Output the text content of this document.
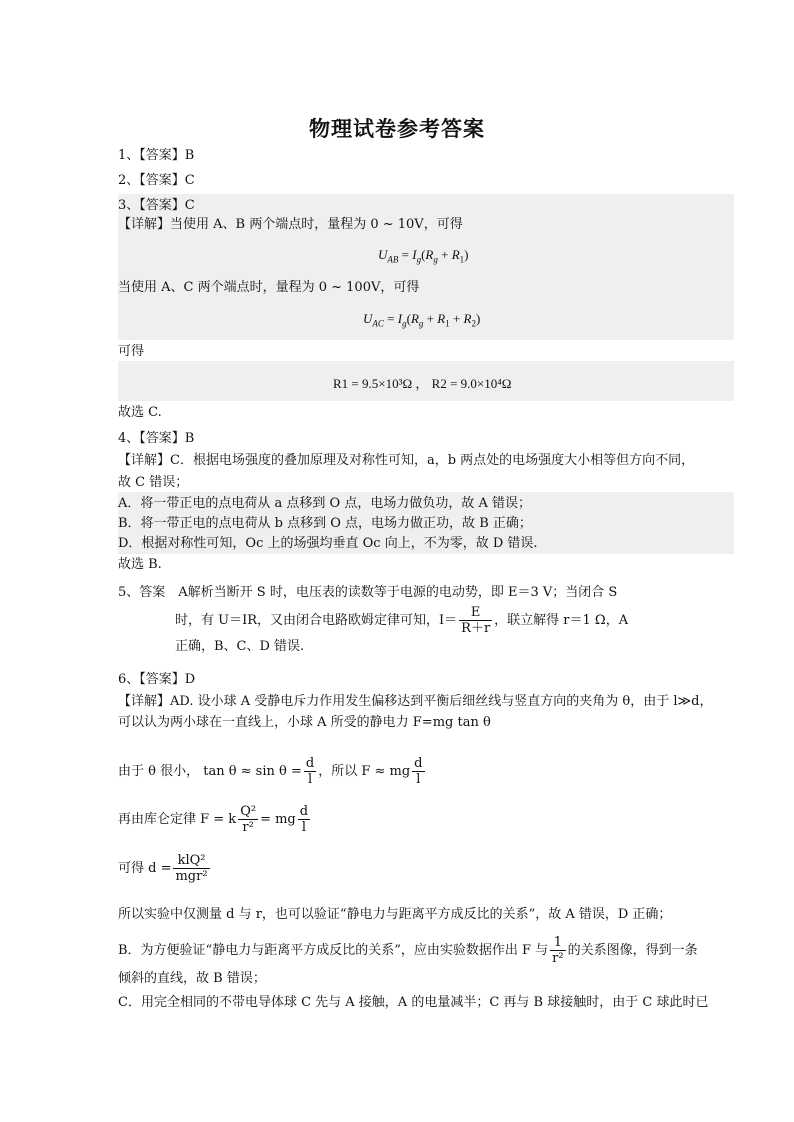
物理试卷参考答案
1、【答案】B
2、【答案】C
3、【答案】C
【详解】当使用 A、B 两个端点时，量程为 0 ~ 10V，可得
$U_{AB} = I_g(R_g + R_1)$
当使用 A、C 两个端点时，量程为 0 ~ 100V，可得
$U_{AC} = I_g(R_g + R_1 + R_2)$
可得
R1 = 9.5×10³Ω ， R2 = 9.0×10⁴Ω
故选 C.
4、【答案】B
【详解】C．根据电场强度的叠加原理及对称性可知，a，b 两点处的电场强度大小相等但方向不同，
故 C 错误；
A．将一带正电的点电荷从 a 点移到 O 点，电场力做负功，故 A 错误；
B．将一带正电的点电荷从 b 点移到 O 点，电场力做正功，故 B 正确；
D．根据对称性可知，Oc 上的场强均垂直 Oc 向上，不为零，故 D 错误.
故选 B.
5、答案　A解析当断开 S 时，电压表的读数等于电源的电动势，即 E＝3 V；当闭合 S
时，有 U＝IR，又由闭合电路欧姆定律可知，$I= \frac{E}{R+r}$ ，联立解得 r＝1 Ω，A
正确，B、C、D 错误.
6、【答案】D
【详解】AD. 设小球 A 受静电斥力作用发生偏移达到平衡后细丝线与竖直方向的夹角为 θ，由于 l≫d，
可以认为两小球在一直线上，小球 A 所受的静电力 F=mg tan θ
由于 θ 很小， $\tan \theta \approx \sin \theta = \frac{d}{l}$ ，所以 F ≈ mg $\frac{d}{l}$
再由库仑定律 F = k $\frac{\text{Q²}}{\text{r²}}$ = mg $\frac{d}{l}$
可得 $d = \frac{\text{klQ²}}{\text{mgr²}}$
所以实验中仅测量 d 与 r，也可以验证“静电力与距离平方成反比的关系”，故 A 错误，D 正确；
B．为方便验证“静电力与距离平方成反比的关系”，应由实验数据作出 F 与 $\frac{1}{\text{r²}}$ 的关系图像，得到一条
倾斜的直线，故 B 错误；
C．用完全相同的不带电导体球 C 先与 A 接触，A 的电量减半；C 再与 B 球接触时，由于 C 球此时已
